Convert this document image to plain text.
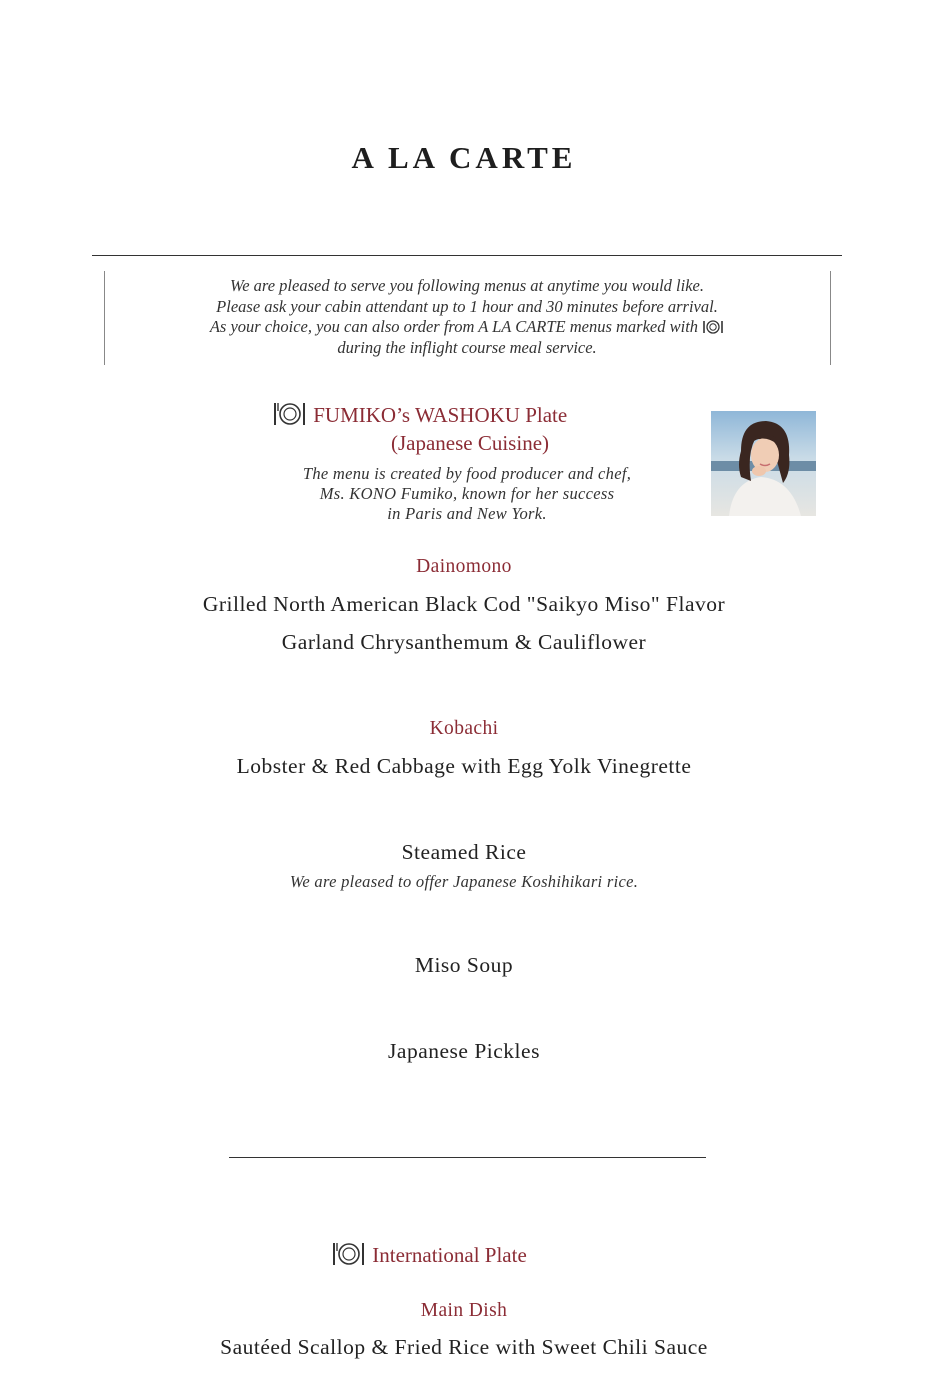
A LA CARTE
We are pleased to serve you following menus at anytime you would like.
Please ask your cabin attendant up to 1 hour and 30 minutes before arrival.
As your choice, you can also order from A LA CARTE menus marked with
during the inflight course meal service.
FUMIKO’s WASHOKU Plate
(Japanese Cuisine)
The menu is created by food producer and chef,
Ms. KONO Fumiko, known for her success
in Paris and New York.
Dainomono
Grilled North American Black Cod "Saikyo Miso" Flavor
Garland Chrysanthemum & Cauliflower
Kobachi
Lobster & Red Cabbage with Egg Yolk Vinegrette
Steamed Rice
We are pleased to offer Japanese Koshihikari rice.
Miso Soup
Japanese Pickles
International Plate
Main Dish
Sautéed Scallop & Fried Rice with Sweet Chili Sauce
